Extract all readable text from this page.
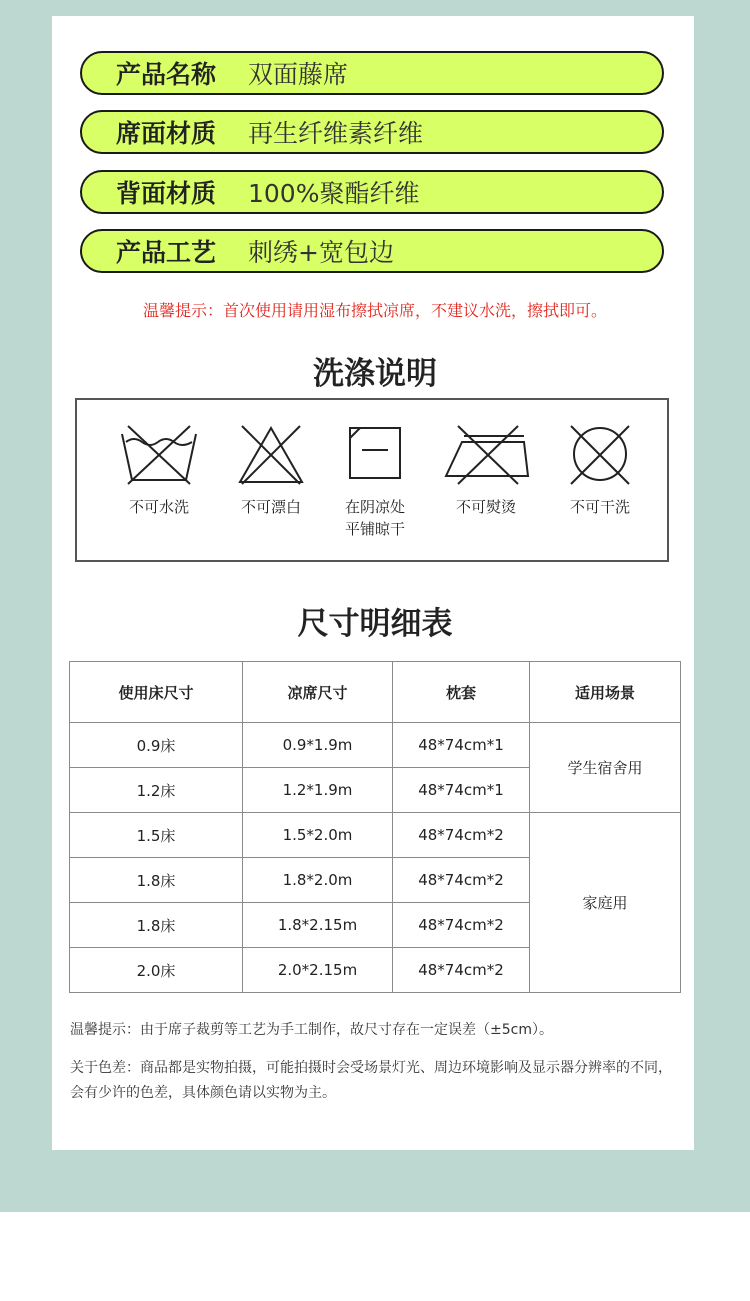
产品名称	双面藤席
席面材质	再生纤维素纤维
背面材质	100%聚酯纤维
产品工艺	刺绣+宽包边
温馨提示：首次使用请用湿布擦拭凉席，不建议水洗，擦拭即可。
洗涤说明
不可水洗	不可漂白	在阴凉处平铺晾干
不可熨烫	不可干洗
尺寸明细表
使用床尺寸	凉席尺寸	枕套	适用场景
0.9床	0.9*1.9m	48*74cm*1	学生宿舍用
1.2床	1.2*1.9m	48*74cm*1	
1.5床	1.5*2.0m	48*74cm*2	家庭用
1.8床	1.8*2.0m	48*74cm*2	
1.8床	1.8*2.15m	48*74cm*2	
2.0床	2.0*2.15m	48*74cm*2	
温馨提示：由于席子裁剪等工艺为手工制作，故尺寸存在一定误差（±5cm）。
关于色差：商品都是实物拍摄，可能拍摄时会受场景灯光、周边环境影响及显示器分辨率的不同，会有少许的色差，具体颜色请以实物为主。
